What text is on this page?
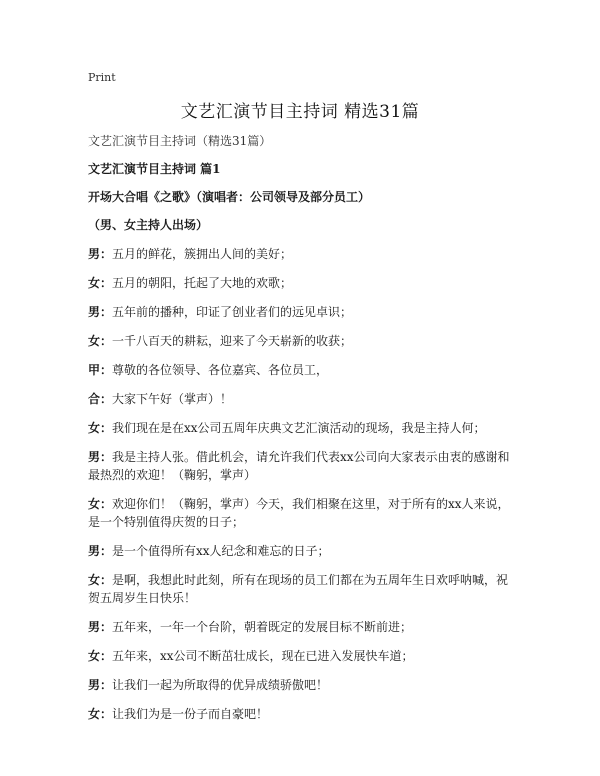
Print
文艺汇演节目主持词 精选31篇

文艺汇演节目主持词（精选31篇）

文艺汇演节目主持词 篇1

开场大合唱《之歌》（演唱者：公司领导及部分员工）

（男、女主持人出场）

男：五月的鲜花，簇拥出人间的美好；

女：五月的朝阳，托起了大地的欢歌；

男：五年前的播种，印证了创业者们的远见卓识；

女：一千八百天的耕耘，迎来了今天崭新的收获；

甲：尊敬的各位领导、各位嘉宾、各位员工，

合：大家下午好（掌声）！

女：我们现在是在xx公司五周年庆典文艺汇演活动的现场，我是主持人何；

男：我是主持人张。借此机会，请允许我们代表xx公司向大家表示由衷的感谢和最热烈的欢迎！（鞠躬，掌声）

女：欢迎你们！（鞠躬，掌声）今天，我们相聚在这里，对于所有的xx人来说，是一个特别值得庆贺的日子；

男：是一个值得所有xx人纪念和难忘的日子；

女：是啊，我想此时此刻，所有在现场的员工们都在为五周年生日欢呼呐喊，祝贺五周岁生日快乐！

男：五年来，一年一个台阶，朝着既定的发展目标不断前进；

女：五年来，xx公司不断茁壮成长，现在已进入发展快车道；

男：让我们一起为所取得的优异成绩骄傲吧！

女：让我们为是一份子而自豪吧！
